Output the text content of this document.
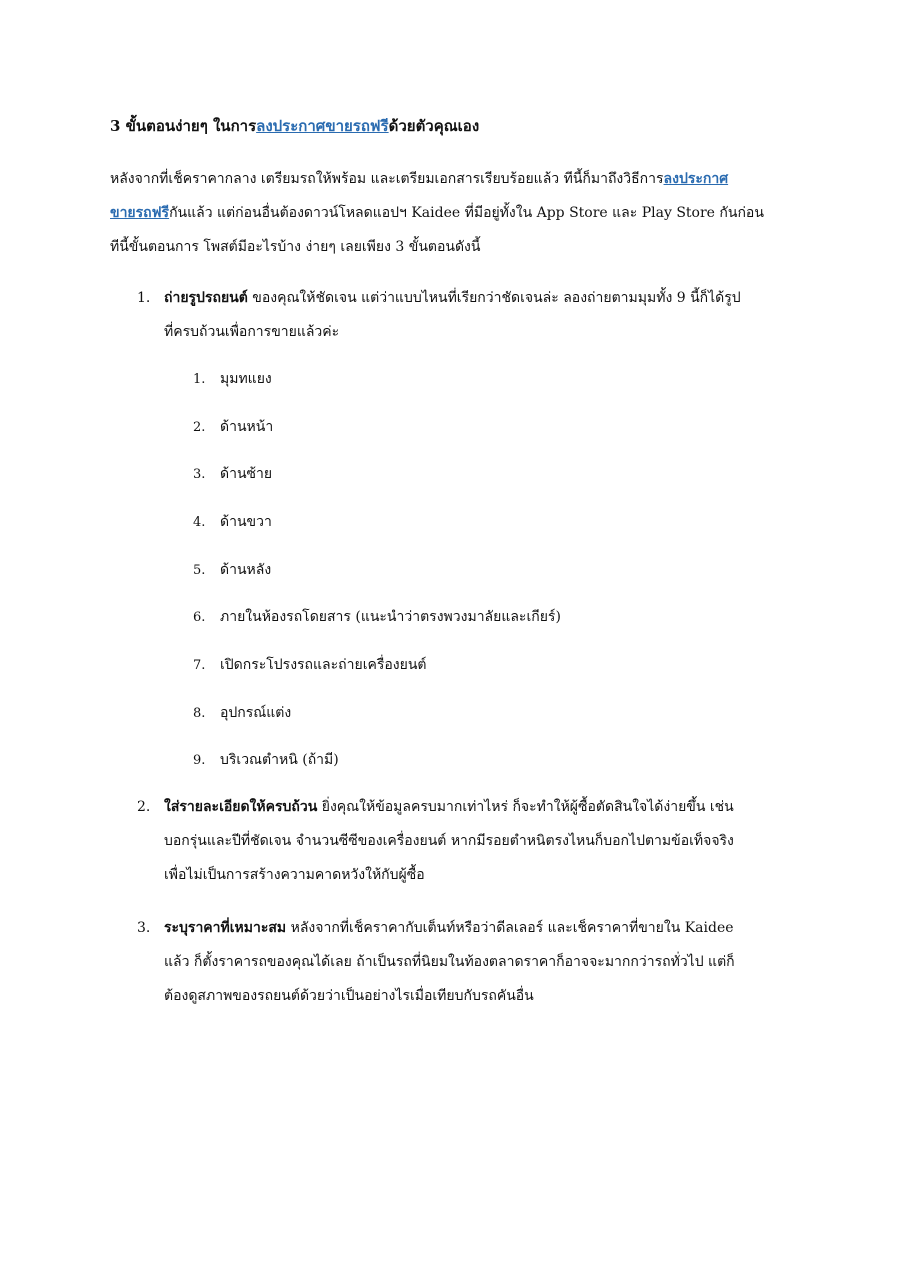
3 ขั้นตอนง่ายๆ ในการลงประกาศขายรถฟรีด้วยตัวคุณเอง
หลังจากที่เช็คราคากลาง เตรียมรถให้พร้อม และเตรียมเอกสารเรียบร้อยแล้ว ทีนี้ก็มาถึงวิธีการลงประกาศ
ขายรถฟรีกันแล้ว แต่ก่อนอื่นต้องดาวน์โหลดแอปฯ Kaidee ที่มีอยู่ทั้งใน App Store และ Play Store กันก่อน
ทีนี้ขั้นตอนการ โพสต์มีอะไรบ้าง ง่ายๆ เลยเพียง 3 ขั้นตอนดังนี้
1. ถ่ายรูปรถยนต์ ของคุณให้ชัดเจน แต่ว่าแบบไหนที่เรียกว่าชัดเจนล่ะ ลองถ่ายตามมุมทั้ง 9 นี้ก็ได้รูป
ที่ครบถ้วนเพื่อการขายแล้วค่ะ
1. มุมทแยง
2. ด้านหน้า
3. ด้านซ้าย
4. ด้านขวา
5. ด้านหลัง
6. ภายในห้องรถโดยสาร (แนะนำว่าตรงพวงมาลัยและเกียร์)
7. เปิดกระโปรงรถและถ่ายเครื่องยนต์
8. อุปกรณ์แต่ง
9. บริเวณตำหนิ (ถ้ามี)
2. ใส่รายละเอียดให้ครบถ้วน ยิ่งคุณให้ข้อมูลครบมากเท่าไหร่ ก็จะทำให้ผู้ซื้อตัดสินใจได้ง่ายขึ้น เช่น
บอกรุ่นและปีที่ชัดเจน จำนวนซีซีของเครื่องยนต์ หากมีรอยตำหนิตรงไหนก็บอกไปตามข้อเท็จจริง
เพื่อไม่เป็นการสร้างความคาดหวังให้กับผู้ซื้อ
3. ระบุราคาที่เหมาะสม หลังจากที่เช็คราคากับเต็นท์หรือว่าดีลเลอร์ และเช็คราคาที่ขายใน Kaidee
แล้ว ก็ตั้งราคารถของคุณได้เลย ถ้าเป็นรถที่นิยมในท้องตลาดราคาก็อาจจะมากกว่ารถทั่วไป แต่ก็
ต้องดูสภาพของรถยนต์ด้วยว่าเป็นอย่างไรเมื่อเทียบกับรถคันอื่น
